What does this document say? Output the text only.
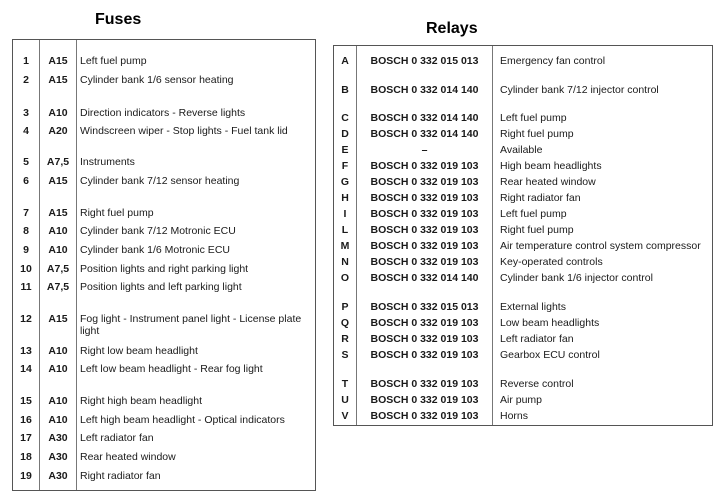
Fuses
Relays
1	A15	Left fuel pump
2	A15	Cylinder bank 1/6 sensor heating
3	A10	Direction indicators - Reverse lights
4	A20	Windscreen wiper - Stop lights - Fuel tank lid
5	A7,5	Instruments
6	A15	Cylinder bank 7/12 sensor heating
7	A15	Right fuel pump
8	A10	Cylinder bank 7/12 Motronic ECU
9	A10	Cylinder bank 1/6 Motronic ECU
10	A7,5	Position lights and right parking light
11	A7,5	Position lights and left parking light
12	A15	Fog light - Instrument panel light - License plate light
13	A10	Right low beam headlight
14	A10	Left low beam headlight - Rear fog light
15	A10	Right high beam headlight
16	A10	Left high beam headlight - Optical indicators
17	A30	Left radiator fan
18	A30	Rear heated window
19	A30	Right radiator fan
A	BOSCH 0 332 015 013	Emergency fan control
B	BOSCH 0 332 014 140	Cylinder bank 7/12 injector control
C	BOSCH 0 332 014 140	Left fuel pump
D	BOSCH 0 332 014 140	Right fuel pump
E	–	Available
F	BOSCH 0 332 019 103	High beam headlights
G	BOSCH 0 332 019 103	Rear heated window
H	BOSCH 0 332 019 103	Right radiator fan
I	BOSCH 0 332 019 103	Left fuel pump
L	BOSCH 0 332 019 103	Right fuel pump
M	BOSCH 0 332 019 103	Air temperature control system compressor
N	BOSCH 0 332 019 103	Key-operated controls
O	BOSCH 0 332 014 140	Cylinder bank 1/6 injector control
P	BOSCH 0 332 015 013	External lights
Q	BOSCH 0 332 019 103	Low beam headlights
R	BOSCH 0 332 019 103	Left radiator fan
S	BOSCH 0 332 019 103	Gearbox ECU control
T	BOSCH 0 332 019 103	Reverse control
U	BOSCH 0 332 019 103	Air pump
V	BOSCH 0 332 019 103	Horns
